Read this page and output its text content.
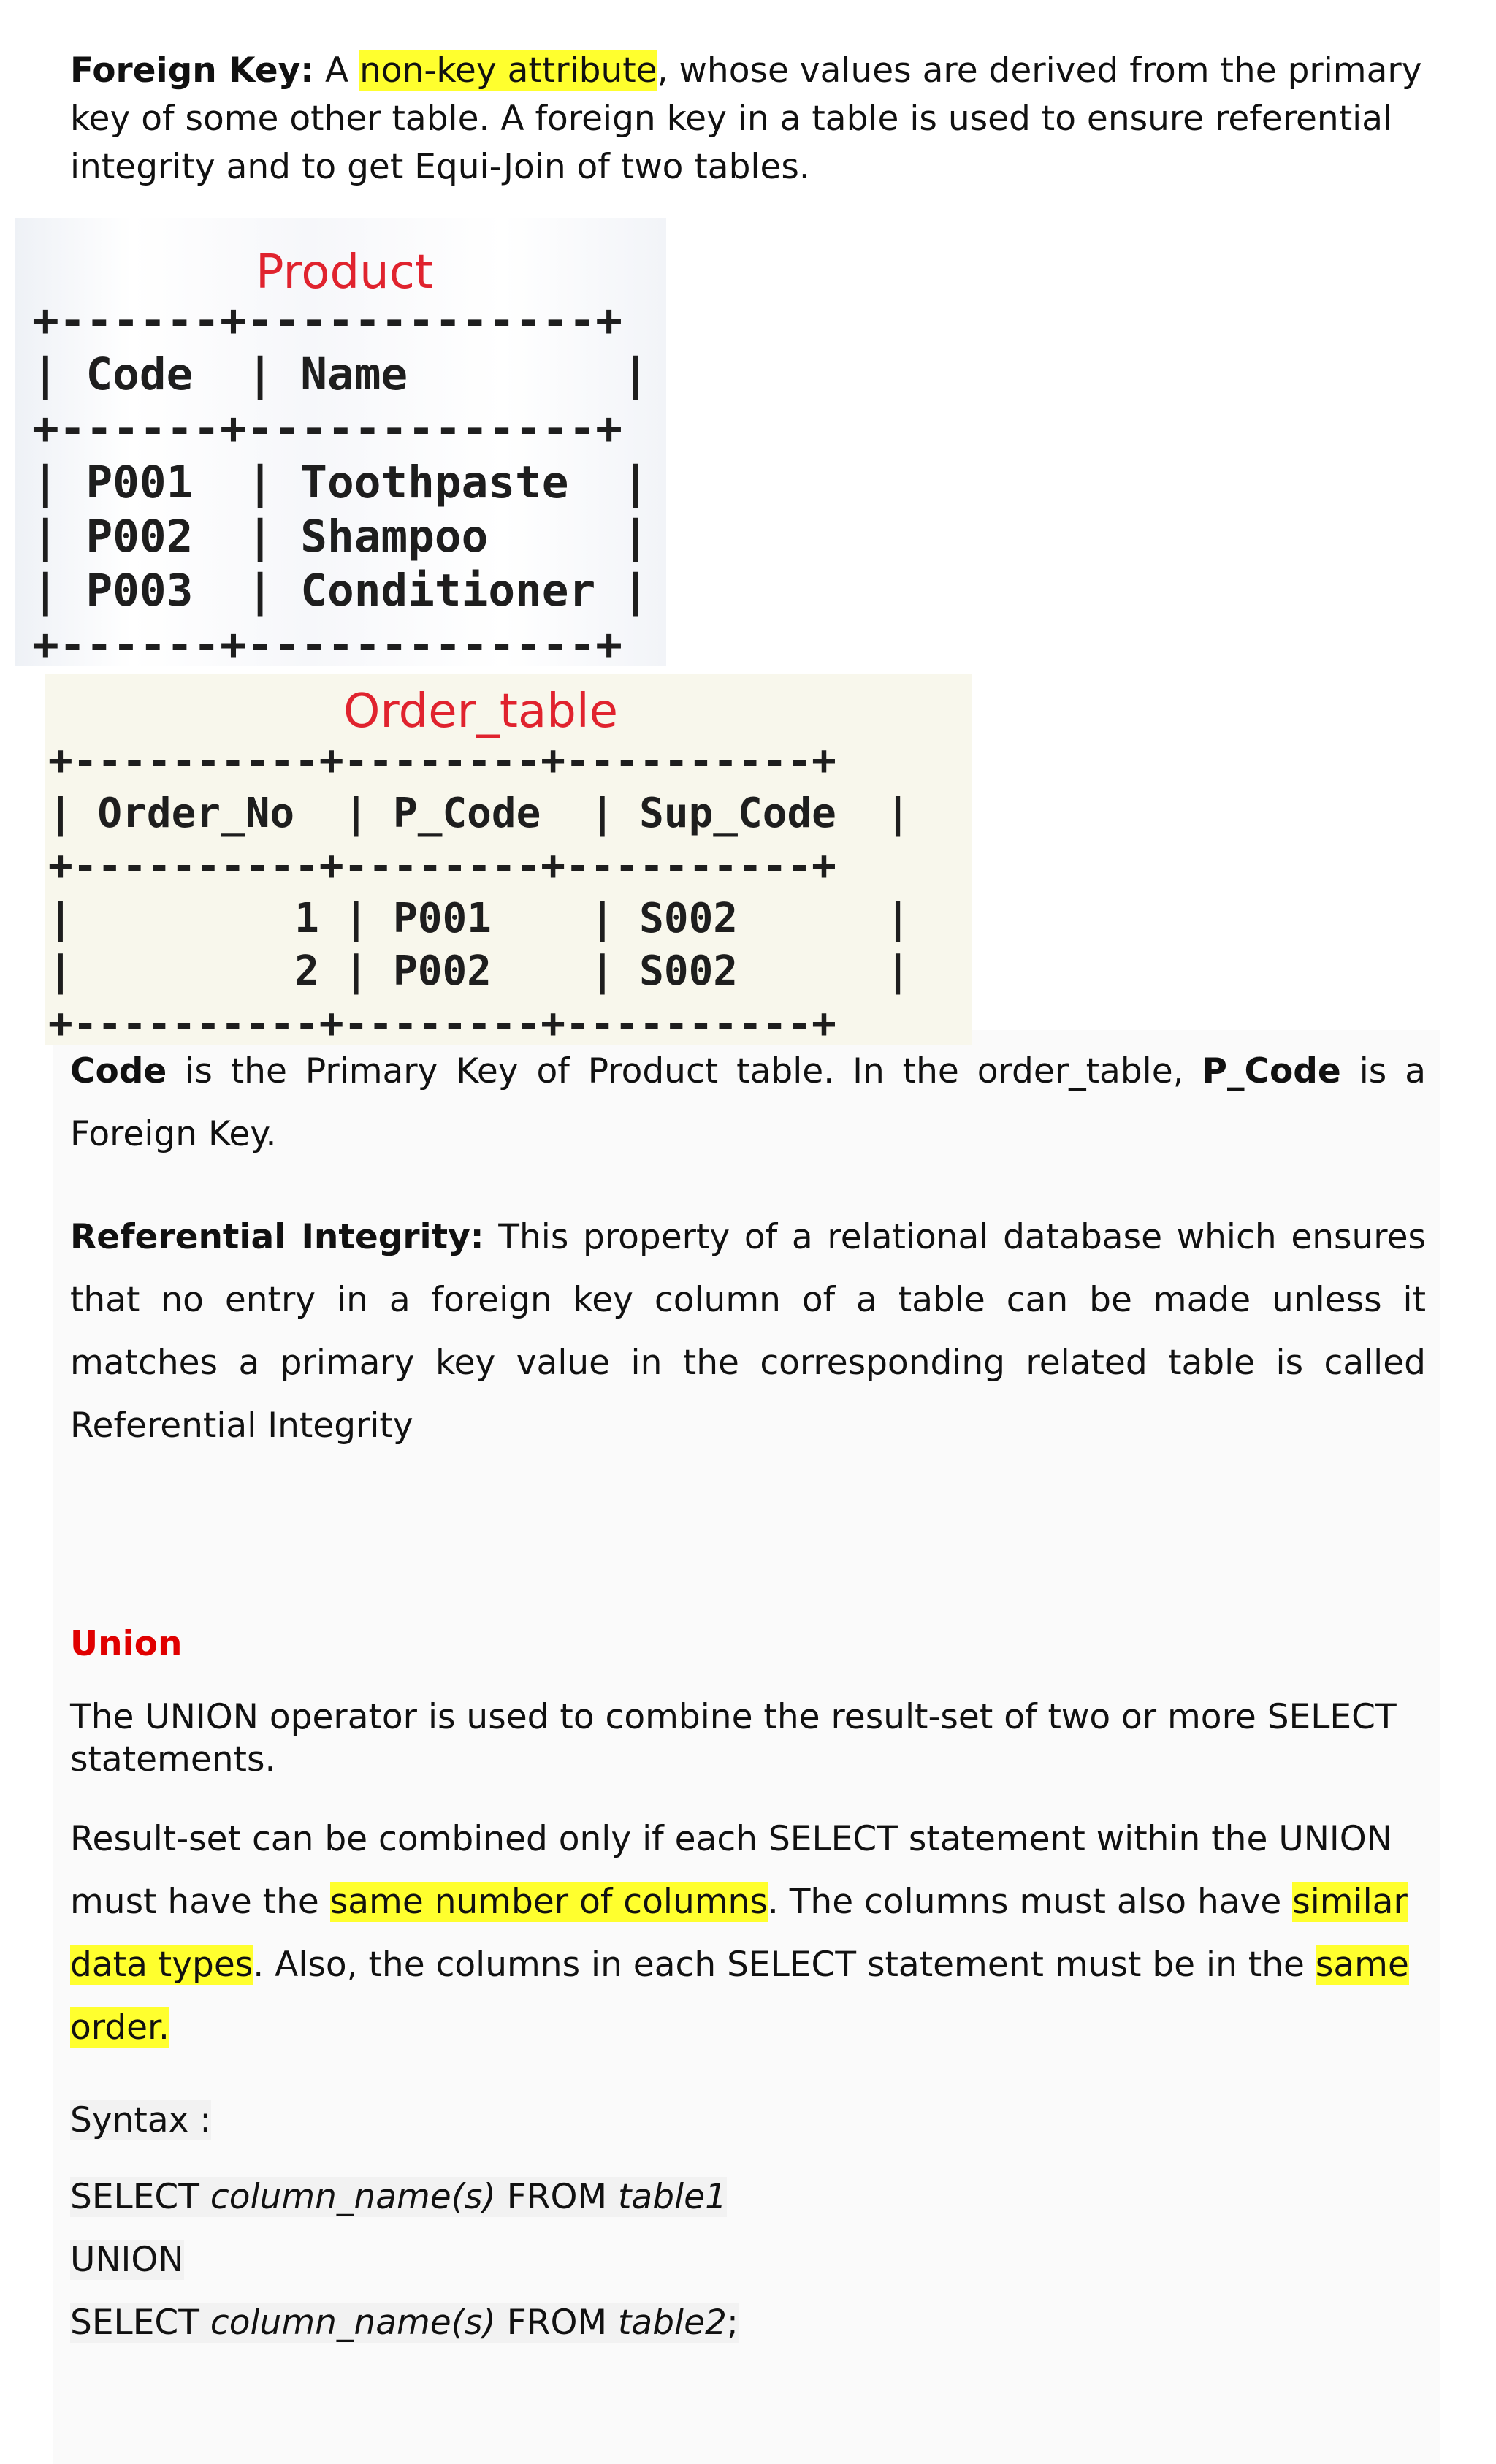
Foreign Key: A non-key attribute, whose values are derived from the primary key of some other table. A foreign key in a table is used to ensure referential integrity and to get Equi-Join of two tables.

Product
+------+-------------+
| Code  | Name        |
+------+-------------+
| P001  | Toothpaste  |
| P002  | Shampoo     |
| P003  | Conditioner |
+------+-------------+
Order_table
+----------+--------+----------+
| Order_No  | P_Code  | Sup_Code  |
+----------+--------+----------+
|         1 | P001    | S002      |
|         2 | P002    | S002      |
+----------+--------+----------+

Code is the Primary Key of Product table. In the order_table, P_Code is a Foreign Key.

Referential Integrity: This property of a relational database which ensures that no entry in a foreign key column of a table can be made unless it matches a primary key value in the corresponding related table is called Referential Integrity

Union

The UNION operator is used to combine the result-set of two or more SELECT statements.

Result-set can be combined only if each SELECT statement within the UNION must have the same number of columns. The columns must also have similar data types. Also, the columns in each SELECT statement must be in the same order.

Syntax :

SELECT column_name(s) FROM table1

UNION

SELECT column_name(s) FROM table2;
